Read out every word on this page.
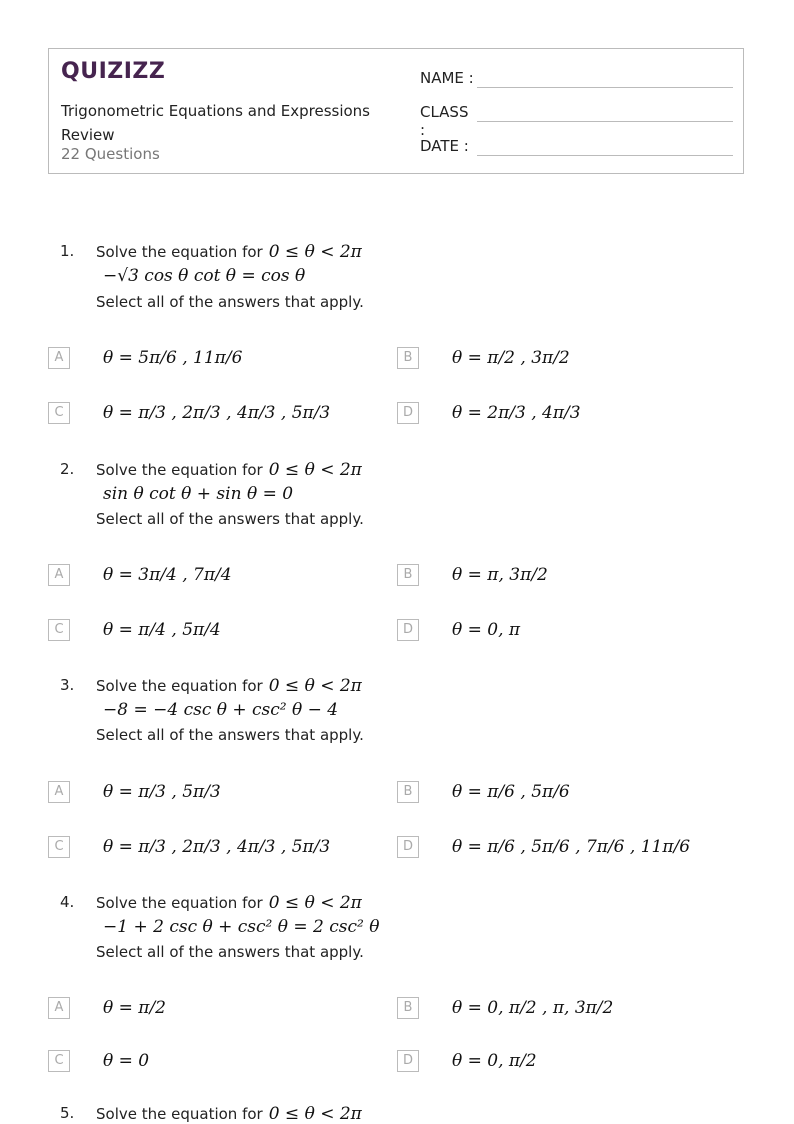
QUIZIZZ
Trigonometric Equations and Expressions Review
22 Questions
NAME :
CLASS :
DATE :
1. Solve the equation for 0 ≤ θ < 2π
−√3 cos θ cot θ = cos θ
Select all of the answers that apply.
A	θ = 5π/6 , 11π/6	B	θ = π/2 , 3π/2
C	θ = π/3 , 2π/3 , 4π/3 , 5π/3	D	θ = 2π/3 , 4π/3
2. Solve the equation for 0 ≤ θ < 2π
sin θ cot θ + sin θ = 0
Select all of the answers that apply.
A	θ = 3π/4 , 7π/4	B	θ = π, 3π/2
C	θ = π/4 , 5π/4	D	θ = 0, π
3. Solve the equation for 0 ≤ θ < 2π
−8 = −4 csc θ + csc² θ − 4
Select all of the answers that apply.
A	θ = π/3 , 5π/3	B	θ = π/6 , 5π/6
C	θ = π/3 , 2π/3 , 4π/3 , 5π/3	D	θ = π/6 , 5π/6 , 7π/6 , 11π/6
4. Solve the equation for 0 ≤ θ < 2π
−1 + 2 csc θ + csc² θ = 2 csc² θ
Select all of the answers that apply.
A	θ = π/2	B	θ = 0, π/2 , π, 3π/2
C	θ = 0	D	θ = 0, π/2
5. Solve the equation for 0 ≤ θ < 2π
